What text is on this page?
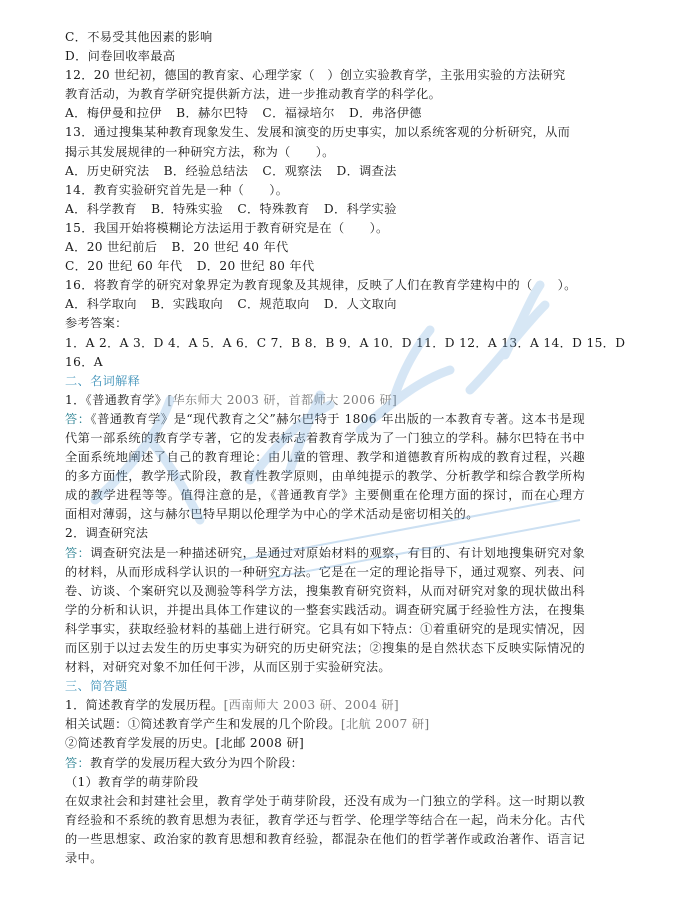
C．不易受其他因素的影响
D．问卷回收率最高
12．20 世纪初，德国的教育家、心理学家（　）创立实验教育学，主张用实验的方法研究
教育活动，为教育学研究提供新方法，进一步推动教育学的科学化。
A．梅伊曼和拉伊 B．赫尔巴特 C．福禄培尔 D．弗洛伊德
13．通过搜集某种教育现象发生、发展和演变的历史事实，加以系统客观的分析研究，从而
揭示其发展规律的一种研究方法，称为（　　）。
A．历史研究法 B．经验总结法 C．观察法 D．调查法
14．教育实验研究首先是一种（　　）。
A．科学教育 B．特殊实验 C．特殊教育 D．科学实验
15．我国开始将模糊论方法运用于教育研究是在（　　）。
A．20 世纪前后 B．20 世纪 40 年代
C．20 世纪 60 年代 D．20 世纪 80 年代
16．将教育学的研究对象界定为教育现象及其规律，反映了人们在教育学建构中的（　　）。
A．科学取向 B．实践取向 C．规范取向 D．人文取向
参考答案：
1．A 2．A 3．D 4．A 5．A 6．C 7．B 8．B 9．A 10．D 11．D 12．A 13．A 14．D 15．D
16．A
二、名词解释
1．《普通教育学》[华东师大 2003 研，首都师大 2006 研]
答：《普通教育学》是“现代教育之父”赫尔巴特于 1806 年出版的一本教育专著。这本书是现代第一部系统的教育学专著，它的发表标志着教育学成为了一门独立的学科。赫尔巴特在书中全面系统地阐述了自己的教育理论：由儿童的管理、教学和道德教育所构成的教育过程，兴趣的多方面性，教学形式阶段，教育性教学原则，由单纯提示的教学、分析教学和综合教学所构成的教学进程等等。值得注意的是，《普通教育学》主要侧重在伦理方面的探讨，而在心理方面相对薄弱，这与赫尔巴特早期以伦理学为中心的学术活动是密切相关的。
2．调查研究法
答：调查研究法是一种描述研究，是通过对原始材料的观察，有目的、有计划地搜集研究对象的材料，从而形成科学认识的一种研究方法。它是在一定的理论指导下，通过观察、列表、问卷、访谈、个案研究以及测验等科学方法，搜集教育研究资料，从而对研究对象的现状做出科学的分析和认识，并提出具体工作建议的一整套实践活动。调查研究属于经验性方法，在搜集科学事实，获取经验材料的基础上进行研究。它具有如下特点：①着重研究的是现实情况，因而区别于以过去发生的历史事实为研究的历史研究法；②搜集的是自然状态下反映实际情况的材料，对研究对象不加任何干涉，从而区别于实验研究法。
三、简答题
1．简述教育学的发展历程。[西南师大 2003 研、2004 研]
相关试题：①简述教育学产生和发展的几个阶段。[北航 2007 研]
②简述教育学发展的历史。[北邮 2008 研]
答：教育学的发展历程大致分为四个阶段：
（1）教育学的萌芽阶段
在奴隶社会和封建社会里，教育学处于萌芽阶段，还没有成为一门独立的学科。这一时期以教育经验和不系统的教育思想为表征，教育学还与哲学、伦理学等结合在一起，尚未分化。古代的一些思想家、政治家的教育思想和教育经验，都混杂在他们的哲学著作或政治著作、语言记录中。
